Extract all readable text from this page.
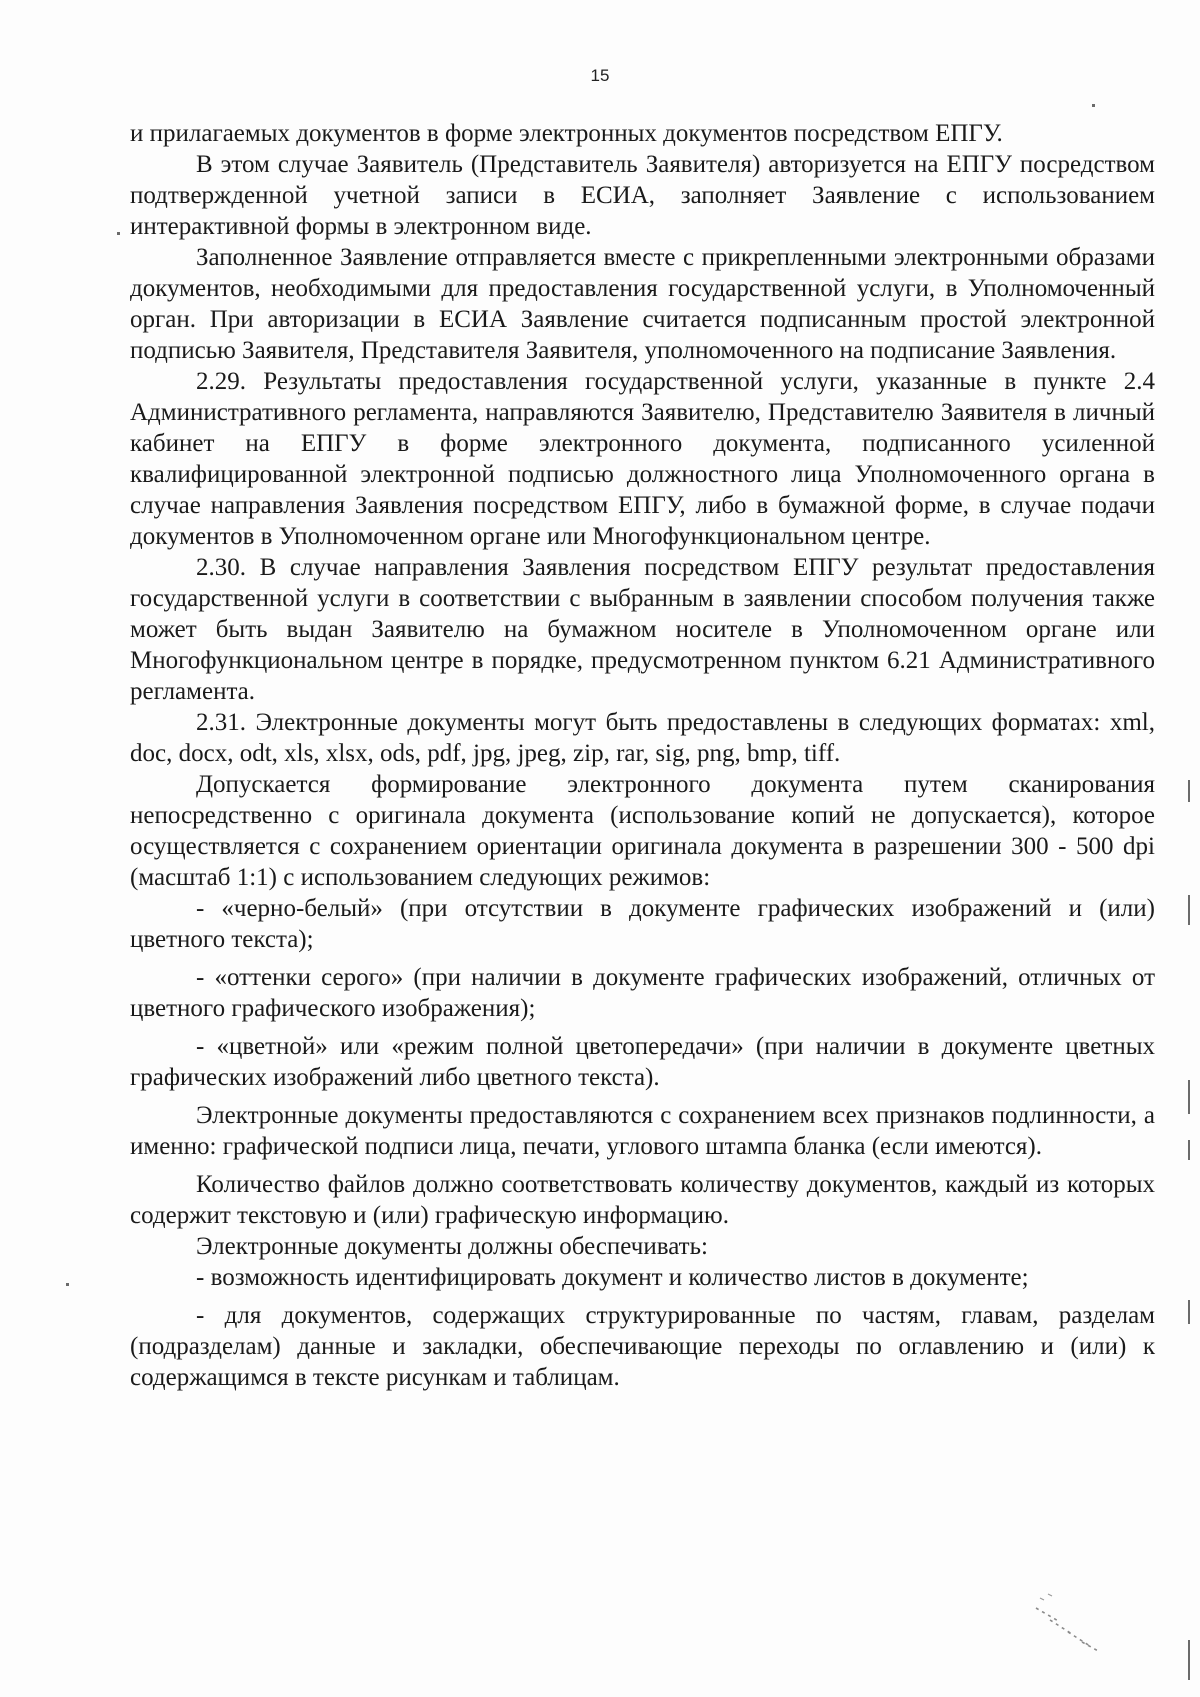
15

и прилагаемых документов в форме электронных документов посредством ЕПГУ.

В этом случае Заявитель (Представитель Заявителя) авторизуется на ЕПГУ посредством подтвержденной учетной записи в ЕСИА, заполняет Заявление с использованием интерактивной формы в электронном виде.

Заполненное Заявление отправляется вместе с прикрепленными электронными образами документов, необходимыми для предоставления государственной услуги, в Уполномоченный орган. При авторизации в ЕСИА Заявление считается подписанным простой электронной подписью Заявителя, Представителя Заявителя, уполномоченного на подписание Заявления.

2.29. Результаты предоставления государственной услуги, указанные в пункте 2.4 Административного регламента, направляются Заявителю, Представителю Заявителя в личный кабинет на ЕПГУ в форме электронного документа, подписанного усиленной квалифицированной электронной подписью должностного лица Уполномоченного органа в случае направления Заявления посредством ЕПГУ, либо в бумажной форме, в случае подачи документов в Уполномоченном органе или Многофункциональном центре.

2.30. В случае направления Заявления посредством ЕПГУ результат предоставления государственной услуги в соответствии с выбранным в заявлении способом получения также может быть выдан Заявителю на бумажном носителе в Уполномоченном органе или Многофункциональном центре в порядке, предусмотренном пунктом 6.21 Административного регламента.

2.31. Электронные документы могут быть предоставлены в следующих форматах: xml, doc, docx, odt, xls, xlsx, ods, pdf, jpg, jpeg, zip, rar, sig, png, bmp, tiff.

Допускается формирование электронного документа путем сканирования непосредственно с оригинала документа (использование копий не допускается), которое осуществляется с сохранением ориентации оригинала документа в разрешении 300 - 500 dpi (масштаб 1:1) с использованием следующих режимов:

- «черно-белый» (при отсутствии в документе графических изображений и (или) цветного текста);

- «оттенки серого» (при наличии в документе графических изображений, отличных от цветного графического изображения);

- «цветной» или «режим полной цветопередачи» (при наличии в документе цветных графических изображений либо цветного текста).

Электронные документы предоставляются с сохранением всех признаков подлинности, а именно: графической подписи лица, печати, углового штампа бланка (если имеются).

Количество файлов должно соответствовать количеству документов, каждый из которых содержит текстовую и (или) графическую информацию.

Электронные документы должны обеспечивать:

- возможность идентифицировать документ и количество листов в документе;

- для документов, содержащих структурированные по частям, главам, разделам (подразделам) данные и закладки, обеспечивающие переходы по оглавлению и (или) к содержащимся в тексте рисункам и таблицам.
